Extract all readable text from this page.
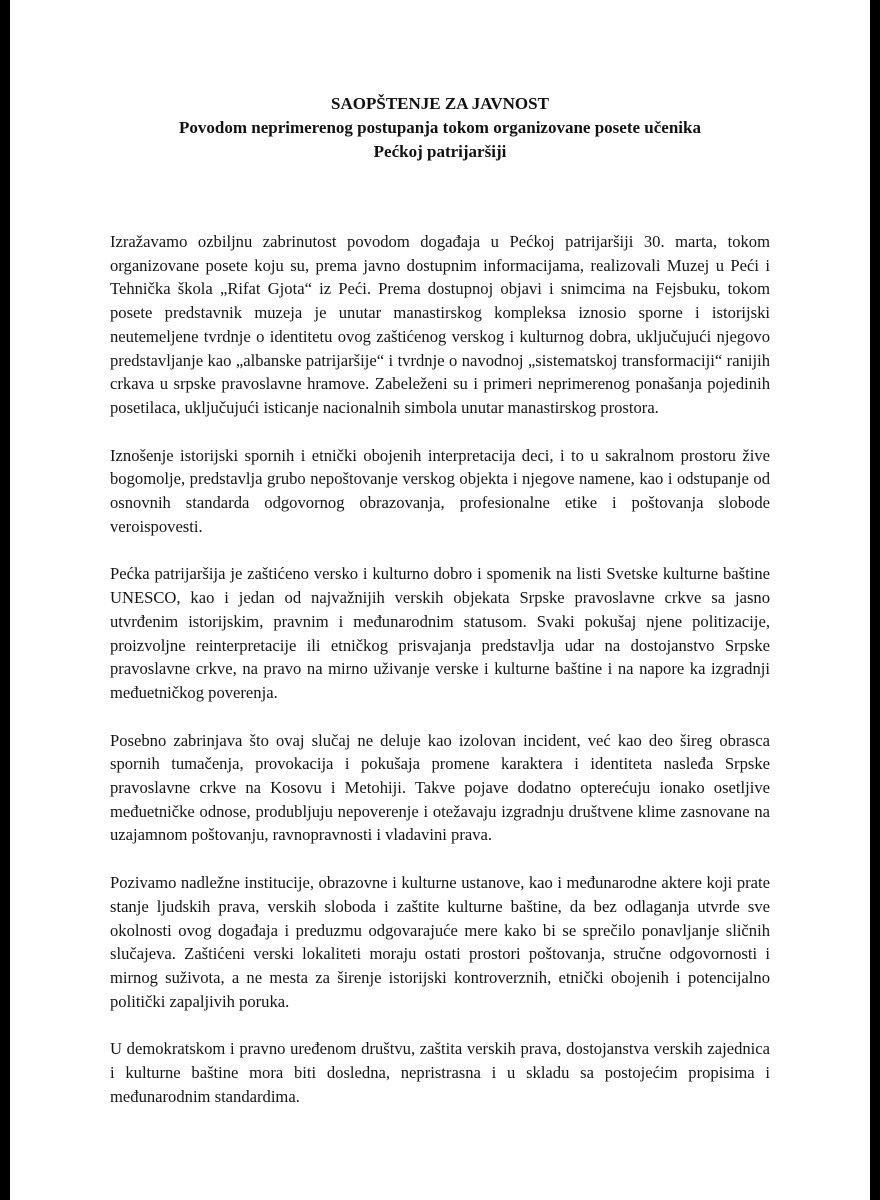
SAOPŠTENJE ZA JAVNOST
Povodom neprimerenog postupanja tokom organizovane posete učenika Pećkoj patrijaršiji

Izražavamo ozbiljnu zabrinutost povodom događaja u Pećkoj patrijaršiji 30. marta, tokom organizovane posete koju su, prema javno dostupnim informacijama, realizovali Muzej u Peći i Tehnička škola „Rifat Gjota“ iz Peći. Prema dostupnoj objavi i snimcima na Fejsbuku, tokom posete predstavnik muzeja je unutar manastirskog kompleksa iznosio sporne i istorijski neutemeljene tvrdnje o identitetu ovog zaštićenog verskog i kulturnog dobra, uključujući njegovo predstavljanje kao „albanske patrijaršije“ i tvrdnje o navodnoj „sistematskoj transformaciji“ ranijih crkava u srpske pravoslavne hramove. Zabeleženi su i primeri neprimerenog ponašanja pojedinih posetilaca, uključujući isticanje nacionalnih simbola unutar manastirskog prostora.

Iznošenje istorijski spornih i etnički obojenih interpretacija deci, i to u sakralnom prostoru žive bogomolje, predstavlja grubo nepoštovanje verskog objekta i njegove namene, kao i odstupanje od osnovnih standarda odgovornog obrazovanja, profesionalne etike i poštovanja slobode veroispovesti.

Pećka patrijaršija je zaštićeno versko i kulturno dobro i spomenik na listi Svetske kulturne baštine UNESCO, kao i jedan od najvažnijih verskih objekata Srpske pravoslavne crkve sa jasno utvrđenim istorijskim, pravnim i međunarodnim statusom. Svaki pokušaj njene politizacije, proizvoljne reinterpretacije ili etničkog prisvajanja predstavlja udar na dostojanstvo Srpske pravoslavne crkve, na pravo na mirno uživanje verske i kulturne baštine i na napore ka izgradnji međuetničkog poverenja.

Posebno zabrinjava što ovaj slučaj ne deluje kao izolovan incident, već kao deo šireg obrasca spornih tumačenja, provokacija i pokušaja promene karaktera i identiteta nasleđa Srpske pravoslavne crkve na Kosovu i Metohiji. Takve pojave dodatno opterećuju ionako osetljive međuetničke odnose, produbljuju nepoverenje i otežavaju izgradnju društvene klime zasnovane na uzajamnom poštovanju, ravnopravnosti i vladavini prava.

Pozivamo nadležne institucije, obrazovne i kulturne ustanove, kao i međunarodne aktere koji prate stanje ljudskih prava, verskih sloboda i zaštite kulturne baštine, da bez odlaganja utvrde sve okolnosti ovog događaja i preduzmu odgovarajuće mere kako bi se sprečilo ponavljanje sličnih slučajeva. Zaštićeni verski lokaliteti moraju ostati prostori poštovanja, stručne odgovornosti i mirnog suživota, a ne mesta za širenje istorijski kontroverznih, etnički obojenih i potencijalno politički zapaljivih poruka.

U demokratskom i pravno uređenom društvu, zaštita verskih prava, dostojanstva verskih zajednica i kulturne baštine mora biti dosledna, nepristrasna i u skladu sa postojećim propisima i međunarodnim standardima.
